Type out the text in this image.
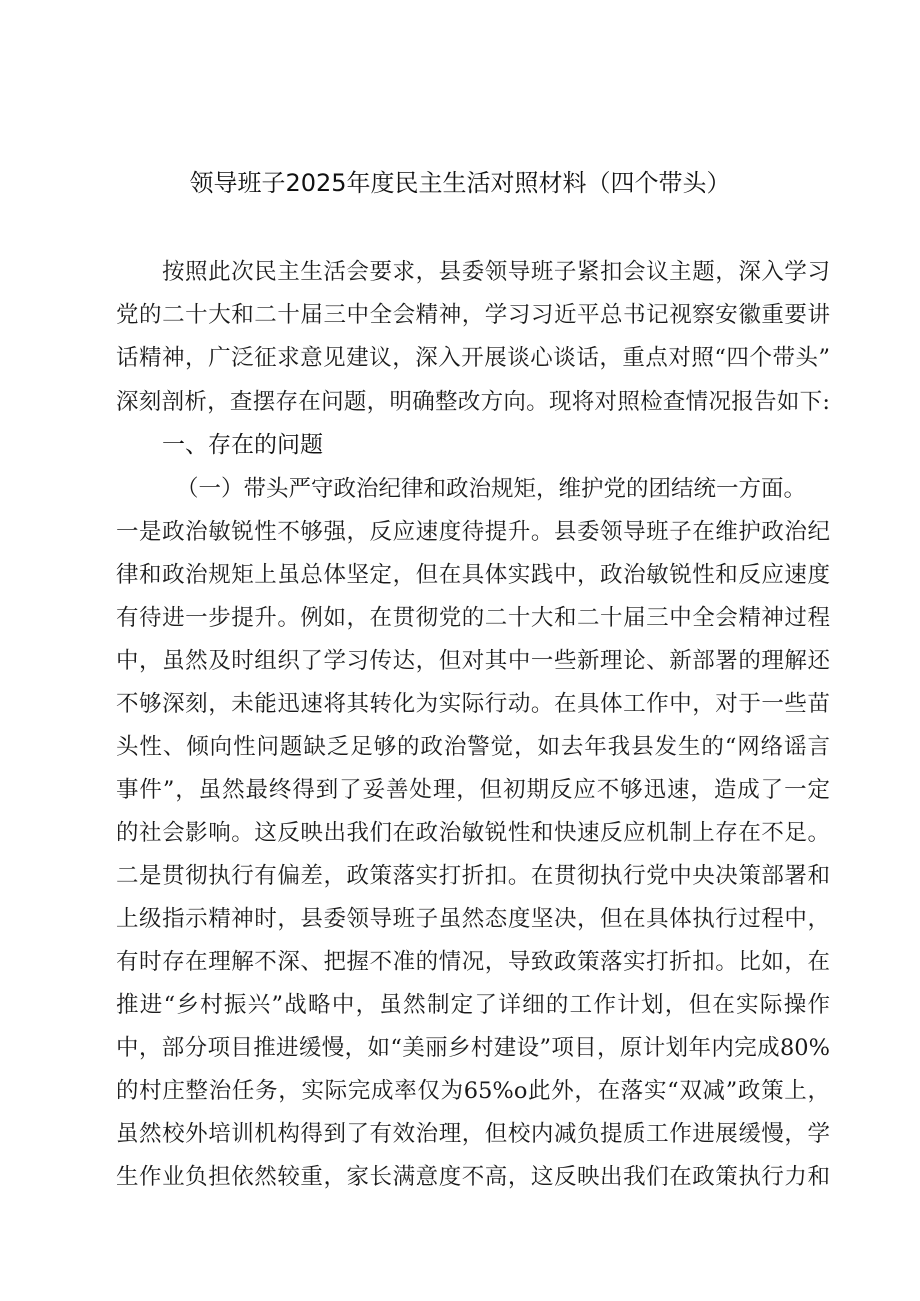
领导班子2025年度民主生活对照材料（四个带头）
按照此次民主生活会要求，县委领导班子紧扣会议主题，深入学习
党的二十大和二十届三中全会精神，学习习近平总书记视察安徽重要讲
话精神，广泛征求意见建议，深入开展谈心谈话，重点对照“四个带头”
深刻剖析，查摆存在问题，明确整改方向。现将对照检查情况报告如下:
一、存在的问题
（一）带头严守政治纪律和政治规矩，维护党的团结统一方面。
一是政治敏锐性不够强，反应速度待提升。县委领导班子在维护政治纪
律和政治规矩上虽总体坚定，但在具体实践中，政治敏锐性和反应速度
有待进一步提升。例如，在贯彻党的二十大和二十届三中全会精神过程
中，虽然及时组织了学习传达，但对其中一些新理论、新部署的理解还
不够深刻，未能迅速将其转化为实际行动。在具体工作中，对于一些苗
头性、倾向性问题缺乏足够的政治警觉，如去年我县发生的“网络谣言
事件”，虽然最终得到了妥善处理，但初期反应不够迅速，造成了一定
的社会影响。这反映出我们在政治敏锐性和快速反应机制上存在不足。
二是贯彻执行有偏差，政策落实打折扣。在贯彻执行党中央决策部署和
上级指示精神时，县委领导班子虽然态度坚决，但在具体执行过程中，
有时存在理解不深、把握不准的情况，导致政策落实打折扣。比如，在
推进“乡村振兴”战略中，虽然制定了详细的工作计划，但在实际操作
中，部分项目推进缓慢，如“美丽乡村建设”项目，原计划年内完成80%
的村庄整治任务，实际完成率仅为65%o此外，在落实“双减”政策上，
虽然校外培训机构得到了有效治理，但校内减负提质工作进展缓慢，学
生作业负担依然较重，家长满意度不高，这反映出我们在政策执行力和
